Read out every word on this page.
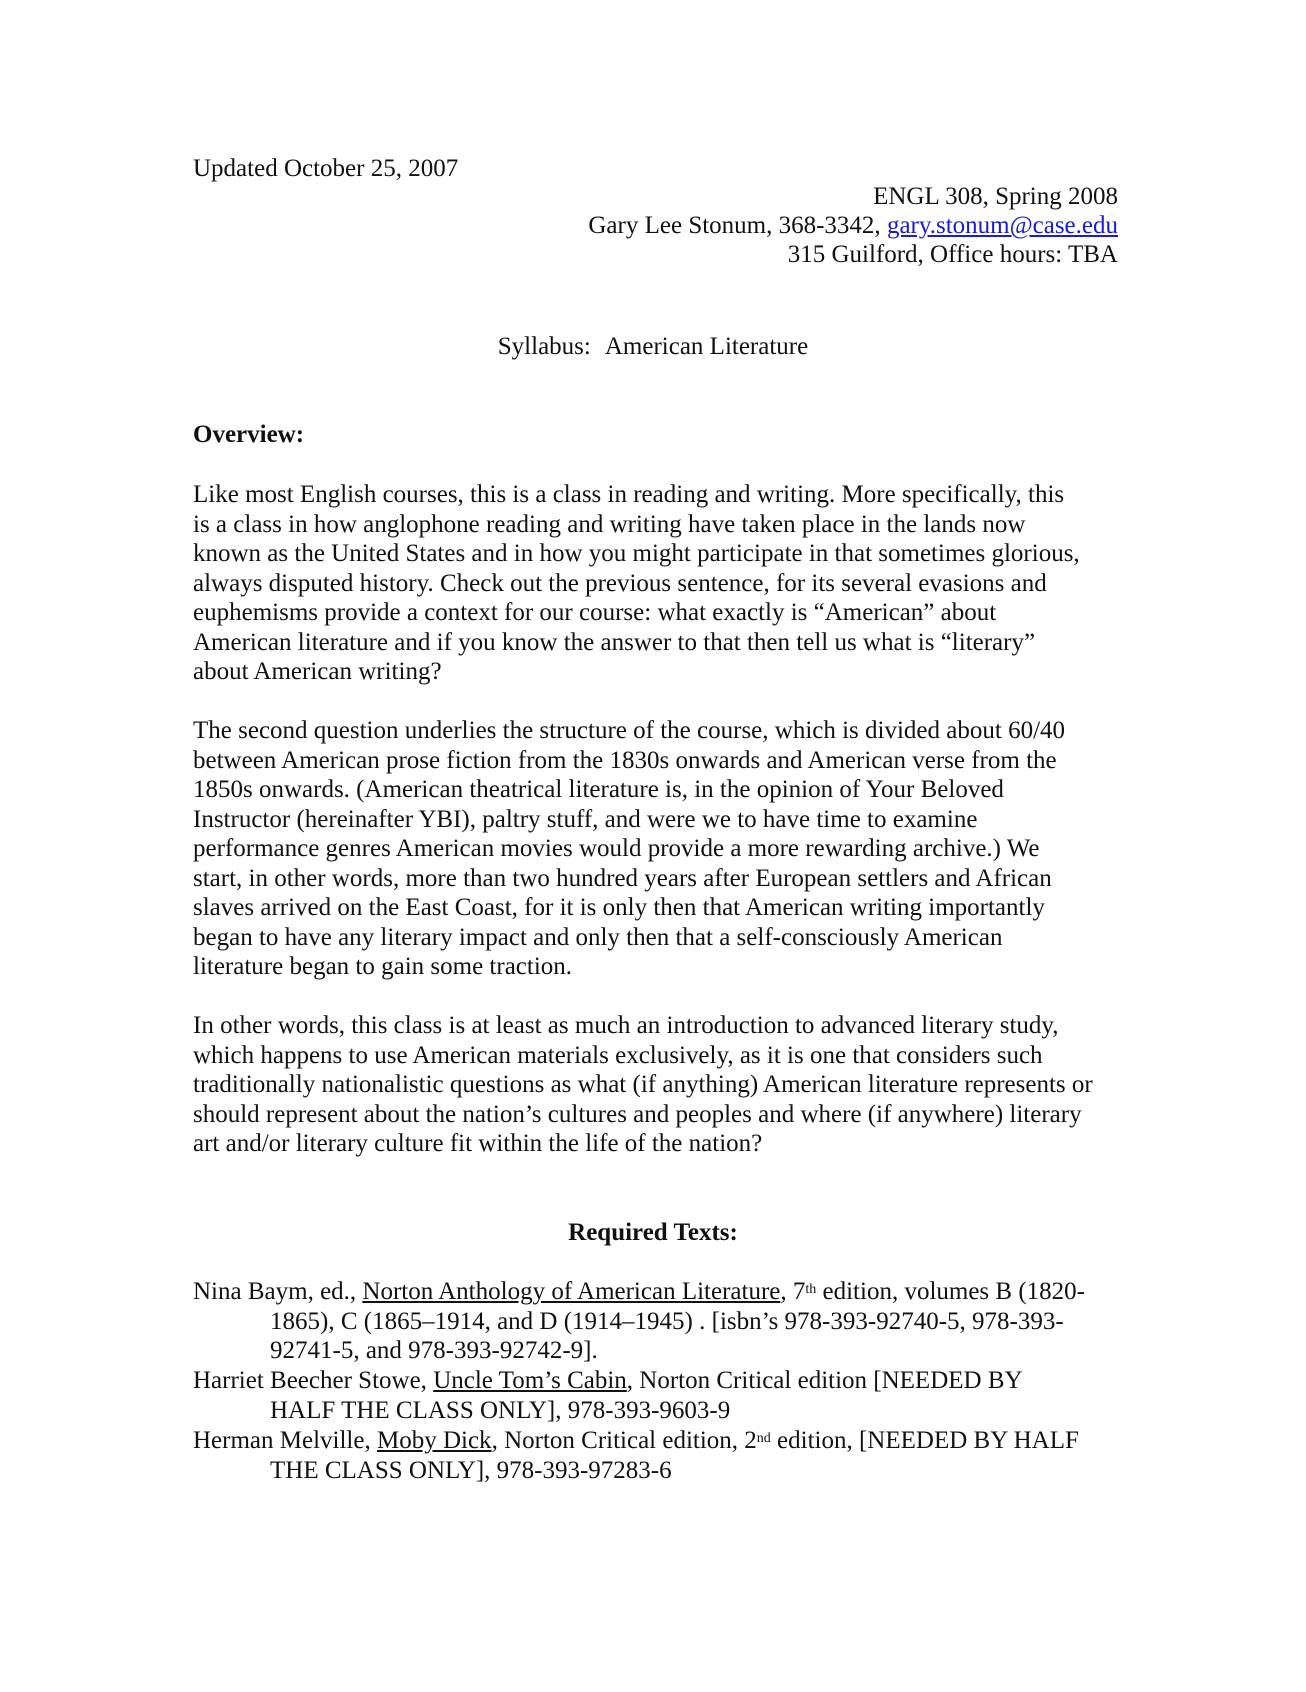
Updated October 25, 2007
ENGL 308, Spring 2008
Gary Lee Stonum, 368-3342, gary.stonum@case.edu
315 Guilford, Office hours: TBA
Syllabus: American Literature
Overview:
Like most English courses, this is a class in reading and writing. More specifically, this
is a class in how anglophone reading and writing have taken place in the lands now
known as the United States and in how you might participate in that sometimes glorious,
always disputed history. Check out the previous sentence, for its several evasions and
euphemisms provide a context for our course: what exactly is “American” about
American literature and if you know the answer to that then tell us what is “literary”
about American writing?
The second question underlies the structure of the course, which is divided about 60/40
between American prose fiction from the 1830s onwards and American verse from the
1850s onwards. (American theatrical literature is, in the opinion of Your Beloved
Instructor (hereinafter YBI), paltry stuff, and were we to have time to examine
performance genres American movies would provide a more rewarding archive.) We
start, in other words, more than two hundred years after European settlers and African
slaves arrived on the East Coast, for it is only then that American writing importantly
began to have any literary impact and only then that a self-consciously American
literature began to gain some traction.
In other words, this class is at least as much an introduction to advanced literary study,
which happens to use American materials exclusively, as it is one that considers such
traditionally nationalistic questions as what (if anything) American literature represents or
should represent about the nation’s cultures and peoples and where (if anywhere) literary
art and/or literary culture fit within the life of the nation?
Required Texts:
Nina Baym, ed., Norton Anthology of American Literature, 7th edition, volumes B (1820-
1865), C (1865–1914, and D (1914–1945) . [isbn’s 978-393-92740-5, 978-393-
92741-5, and 978-393-92742-9].
Harriet Beecher Stowe, Uncle Tom’s Cabin, Norton Critical edition [NEEDED BY
HALF THE CLASS ONLY], 978-393-9603-9
Herman Melville, Moby Dick, Norton Critical edition, 2nd edition, [NEEDED BY HALF
THE CLASS ONLY], 978-393-97283-6
